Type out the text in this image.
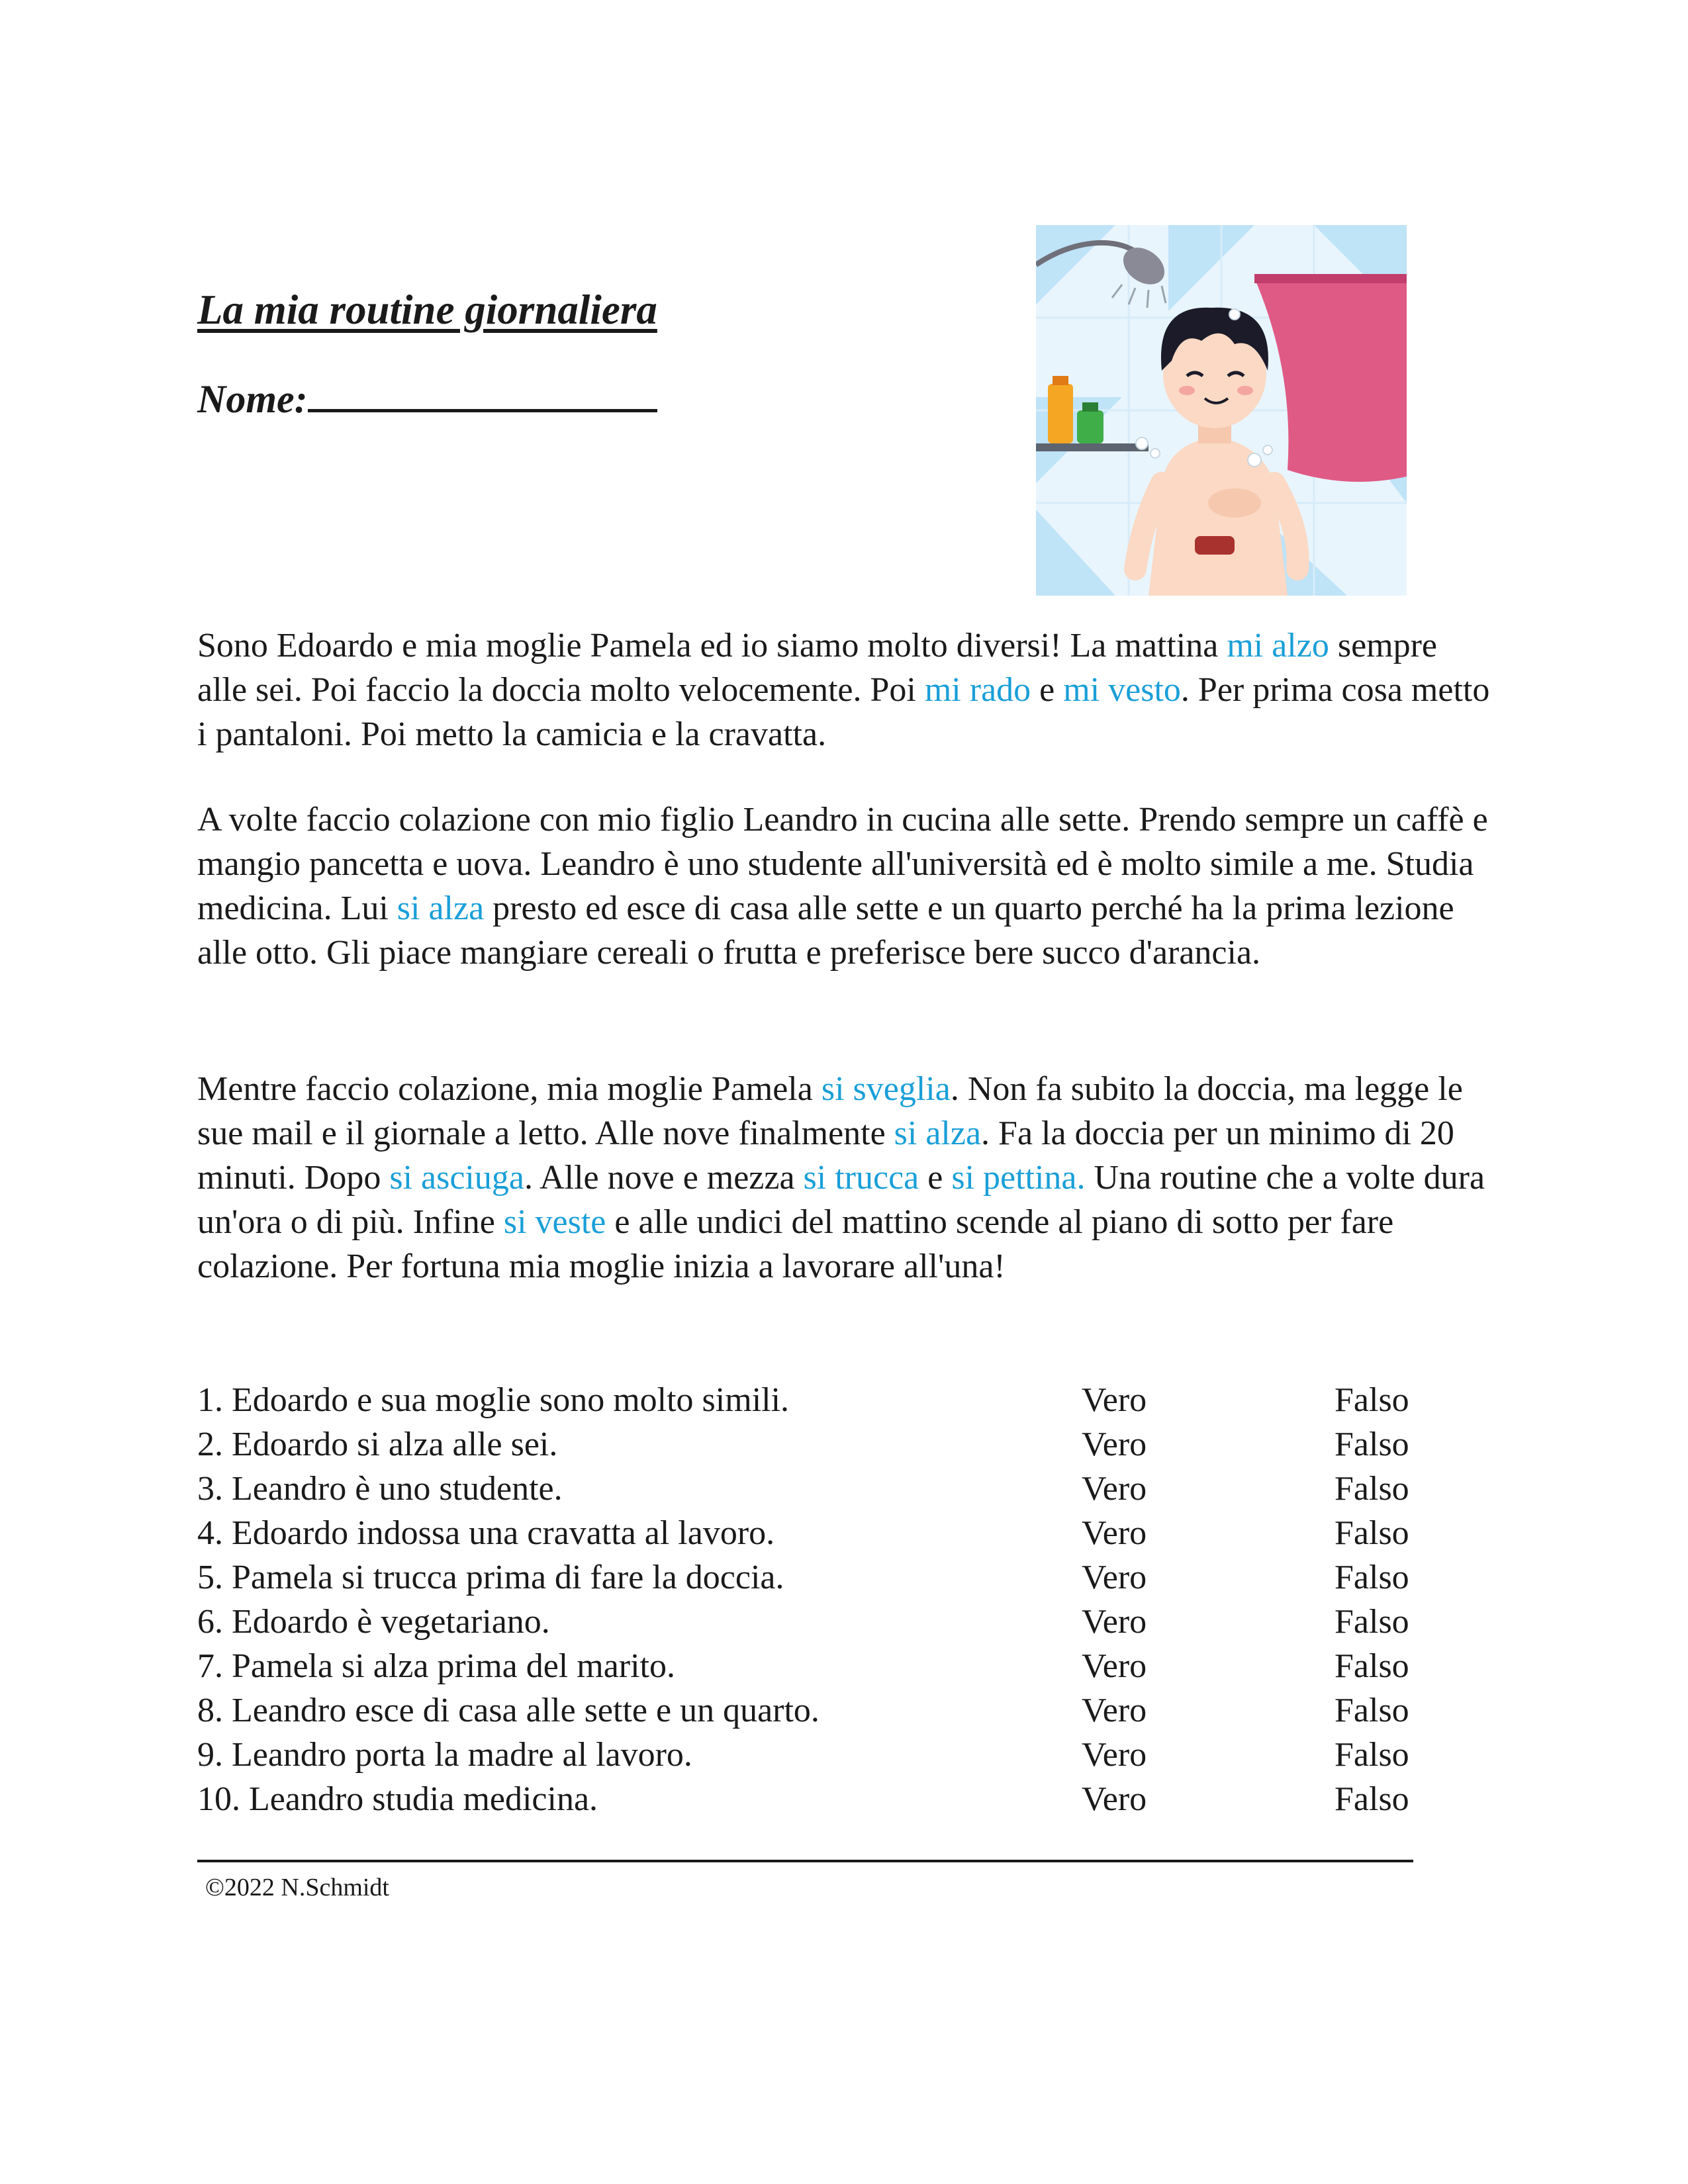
La mia routine giornaliera
Nome:

Sono Edoardo e mia moglie Pamela ed io siamo molto diversi! La mattina mi alzo sempre alle sei. Poi faccio la doccia molto velocemente. Poi mi rado e mi vesto. Per prima cosa metto i pantaloni. Poi metto la camicia e la cravatta.

A volte faccio colazione con mio figlio Leandro in cucina alle sette. Prendo sempre un caffè e mangio pancetta e uova. Leandro è uno studente all'università ed è molto simile a me. Studia medicina. Lui si alza presto ed esce di casa alle sette e un quarto perché ha la prima lezione alle otto. Gli piace mangiare cereali o frutta e preferisce bere succo d'arancia.

Mentre faccio colazione, mia moglie Pamela si sveglia. Non fa subito la doccia, ma legge le sue mail e il giornale a letto. Alle nove finalmente si alza. Fa la doccia per un minimo di 20 minuti. Dopo si asciuga. Alle nove e mezza si trucca e si pettina. Una routine che a volte dura un'ora o di più. Infine si veste e alle undici del mattino scende al piano di sotto per fare colazione. Per fortuna mia moglie inizia a lavorare all'una!

1. Edoardo e sua moglie sono molto simili.	Vero	Falso
2. Edoardo si alza alle sei.	Vero	Falso
3. Leandro è uno studente.	Vero	Falso
4. Edoardo indossa una cravatta al lavoro.	Vero	Falso
5. Pamela si trucca prima di fare la doccia.	Vero	Falso
6. Edoardo è vegetariano.	Vero	Falso
7. Pamela si alza prima del marito.	Vero	Falso
8. Leandro esce di casa alle sette e un quarto.	Vero	Falso
9. Leandro porta la madre al lavoro.	Vero	Falso
10. Leandro studia medicina.	Vero	Falso
©2022 N.Schmidt
